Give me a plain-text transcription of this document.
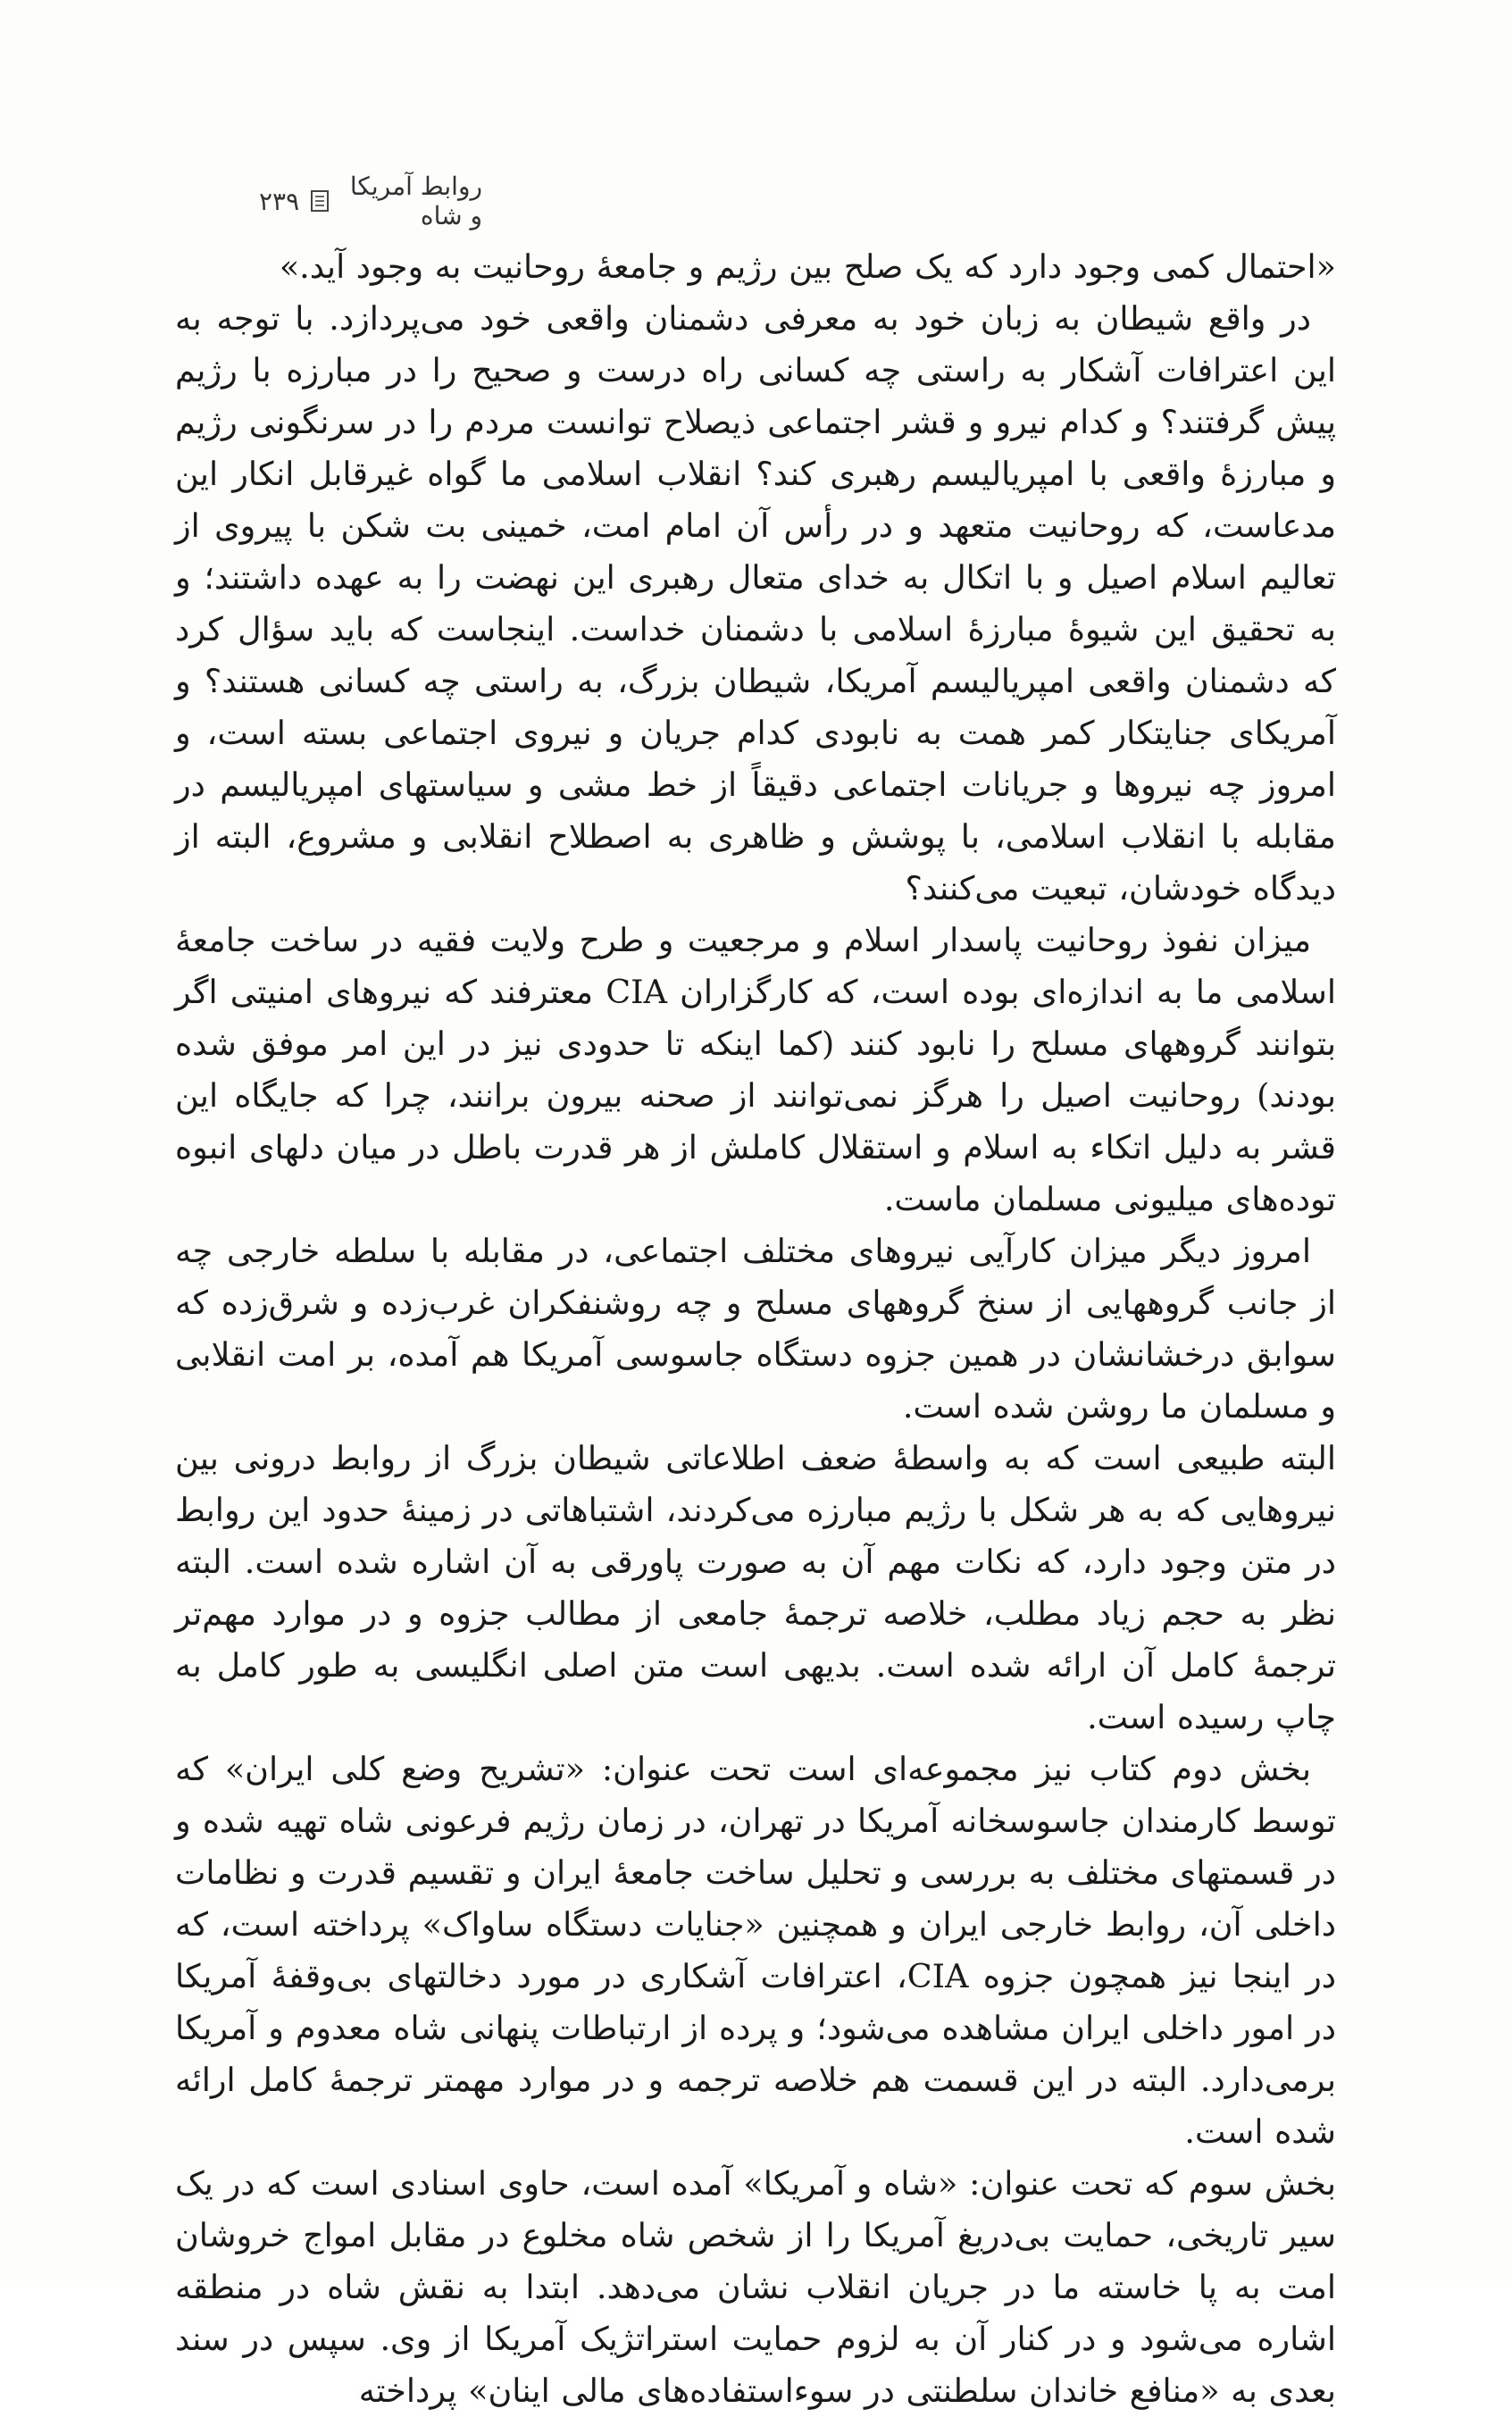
روابط آمریکا و شاه
۲۳۹

«احتمال کمی وجود دارد که یک صلح بین رژیم و جامعهٔ روحانیت به وجود آید.»

در واقع شیطان به زبان خود به معرفی دشمنان واقعی خود می‌پردازد. با توجه به این اعترافات آشکار به راستی چه کسانی راه درست و صحیح را در مبارزه با رژیم پیش گرفتند؟ و کدام نیرو و قشر اجتماعی ذیصلاح توانست مردم را در سرنگونی رژیم و مبارزهٔ واقعی با امپریالیسم رهبری کند؟ انقلاب اسلامی ما گواه غیرقابل انکار این مدعاست، که روحانیت متعهد و در رأس آن امام امت، خمینی بت شکن با پیروی از تعالیم اسلام اصیل و با اتکال به خدای متعال رهبری این نهضت را به عهده داشتند؛ و به تحقیق این شیوهٔ مبارزهٔ اسلامی با دشمنان خداست. اینجاست که باید سؤال کرد که دشمنان واقعی امپریالیسم آمریکا، شیطان بزرگ، به راستی چه کسانی هستند؟ و آمریکای جنایتکار کمر همت به نابودی کدام جریان و نیروی اجتماعی بسته است، و امروز چه نیروها و جریانات اجتماعی دقیقاً از خط مشی و سیاستهای امپریالیسم در مقابله با انقلاب اسلامی، با پوشش و ظاهری به اصطلاح انقلابی و مشروع، البته از دیدگاه خودشان، تبعیت می‌کنند؟

میزان نفوذ روحانیت پاسدار اسلام و مرجعیت و طرح ولایت فقیه در ساخت جامعهٔ اسلامی ما به اندازه‌ای بوده است، که کارگزاران CIA معترفند که نیروهای امنیتی اگر بتوانند گروههای مسلح را نابود کنند (کما اینکه تا حدودی نیز در این امر موفق شده بودند) روحانیت اصیل را هرگز نمی‌توانند از صحنه بیرون برانند، چرا که جایگاه این قشر به دلیل اتکاء به اسلام و استقلال کاملش از هر قدرت باطل در میان دلهای انبوه توده‌های میلیونی مسلمان ماست.

امروز دیگر میزان کارآیی نیروهای مختلف اجتماعی، در مقابله با سلطه خارجی چه از جانب گروههایی از سنخ گروههای مسلح و چه روشنفکران غرب‌زده و شرق‌زده که سوابق درخشانشان در همین جزوه دستگاه جاسوسی آمریکا هم آمده، بر امت انقلابی و مسلمان ما روشن شده است.

البته طبیعی است که به واسطهٔ ضعف اطلاعاتی شیطان بزرگ از روابط درونی بین نیروهایی که به هر شکل با رژیم مبارزه می‌کردند، اشتباهاتی در زمینهٔ حدود این روابط در متن وجود دارد، که نکات مهم آن به صورت پاورقی به آن اشاره شده است. البته نظر به حجم زیاد مطلب، خلاصه ترجمهٔ جامعی از مطالب جزوه و در موارد مهم‌تر ترجمهٔ کامل آن ارائه شده است. بدیهی است متن اصلی انگلیسی به طور کامل به چاپ رسیده است.

بخش دوم کتاب نیز مجموعه‌ای است تحت عنوان: «تشریح وضع کلی ایران» که توسط کارمندان جاسوسخانه آمریکا در تهران، در زمان رژیم فرعونی شاه تهیه شده و در قسمتهای مختلف به بررسی و تحلیل ساخت جامعهٔ ایران و تقسیم قدرت و نظامات داخلی آن، روابط خارجی ایران و همچنین «جنایات دستگاه ساواک» پرداخته است، که در اینجا نیز همچون جزوه CIA، اعترافات آشکاری در مورد دخالتهای بی‌وقفهٔ آمریکا در امور داخلی ایران مشاهده می‌شود؛ و پرده از ارتباطات پنهانی شاه معدوم و آمریکا برمی‌دارد. البته در این قسمت هم خلاصه ترجمه و در موارد مهمتر ترجمهٔ کامل ارائه شده است.

بخش سوم که تحت عنوان: «شاه و آمریکا» آمده است، حاوی اسنادی است که در یک سیر تاریخی، حمایت بی‌دریغ آمریکا را از شخص شاه مخلوع در مقابل امواج خروشان امت به پا خاسته ما در جریان انقلاب نشان می‌دهد. ابتدا به نقش شاه در منطقه اشاره می‌شود و در کنار آن به لزوم حمایت استراتژیک آمریکا از وی. سپس در سند بعدی به «منافع خاندان سلطنتی در سوءاستفاده‌های مالی اینان» پرداخته
